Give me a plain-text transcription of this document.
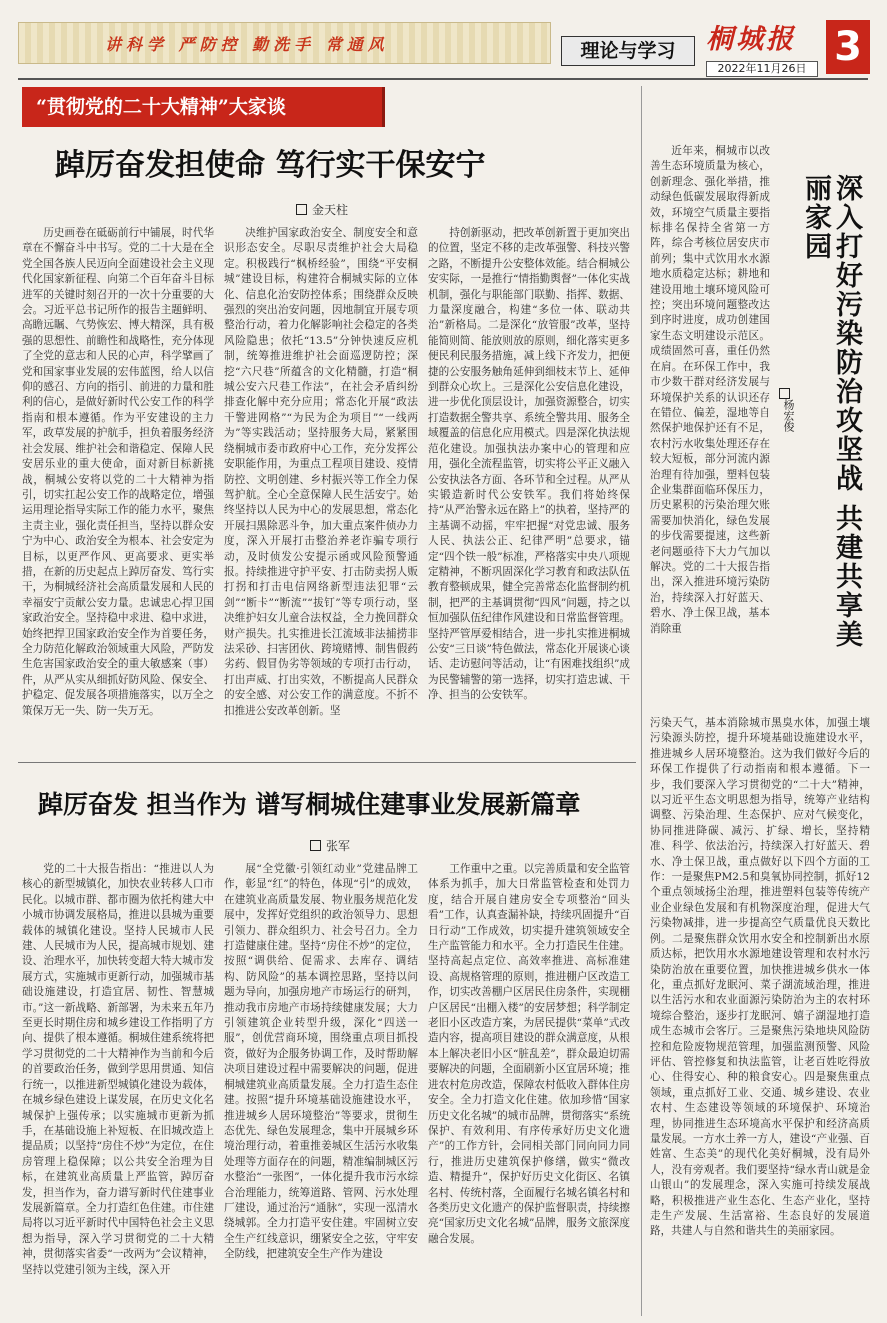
讲科学 严防控 勤洗手 常通风	理论与学习	桐城报
2022年11月26日 3
“贯彻党的二十大精神”大家谈
踔厉奋发担使命 笃行实干保安宁
金天柱

历史画卷在砥砺前行中铺展，时代华章在不懈奋斗中书写。党的二十大是在全党全国各族人民迈向全面建设社会主义现代化国家新征程、向第二个百年奋斗目标进军的关键时刻召开的一次十分重要的大会。习近平总书记所作的报告主题鲜明、高瞻远瞩、气势恢宏、博大精深，具有极强的思想性、前瞻性和战略性，充分体现了全党的意志和人民的心声，科学擘画了党和国家事业发展的宏伟蓝图，给人以信仰的感召、方向的指引、前进的力量和胜利的信心，是做好新时代公安工作的科学指南和根本遵循。作为平安建设的主力军，政草发展的护航手，担负着服务经济社会发展、维护社会和谐稳定、保障人民安居乐业的重大使命，面对新目标新挑战，桐城公安将以党的二十大精神为指引，切实扛起公安工作的战略定位，增强运用理论指导实际工作的能力水平，聚焦主责主业，强化责任担当，坚持以群众安宁为中心、政治安全为根本、社会安定为目标，以更严作风、更高要求、更实举措，在新的历史起点上踔厉奋发、笃行实干，为桐城经济社会高质量发展和人民的幸福安宁贡献公安力量。忠诚忠心捍卫国家政治安全。坚持稳中求进、稳中求进，始终把捍卫国家政治安全作为首要任务，全力防范化解政治领域重大风险，严防发生危害国家政治安全的重大敏感案（事）件，从严从实从细抓好防风险、保安全、护稳定、促发展各项措施落实，以万全之策保万无一失、防一失万无。

决维护国家政治安全、制度安全和意识形态安全。尽职尽责维护社会大局稳定。积极践行“枫桥经验”，围绕“平安桐城”建设目标，构建符合桐城实际的立体化、信息化治安防控体系；围绕群众反映强烈的突出治安问题，因地制宜开展专项整治行动，着力化解影响社会稳定的各类风险隐患；依托“13.5”分钟快速反应机制，统筹推进维护社会面巡逻防控；深挖“六尺巷”所蕴含的文化精髓，打造“桐城公安六尺巷工作法”，在社会矛盾纠纷排查化解中充分应用；常态化开展“政法干警进网格”“为民为企为项目”“一线两为”等实践活动；坚持服务大局，紧紧围绕桐城市委市政府中心工作，充分发挥公安职能作用，为重点工程项目建设、疫情防控、文明创建、乡村振兴等工作全力保驾护航。全心全意保障人民生活安宁。始终坚持以人民为中心的发展思想，常态化开展扫黑除恶斗争，加大重点案件侦办力度，深入开展打击整治养老诈骗专项行动，及时侦发公安提示函或风险预警通报。持续推进守护平安、打击防卖拐人贩打拐和打击电信网络新型违法犯罪“云剑”“断卡”“断流”“拔钉”等专项行动，坚决维护妇女儿童合法权益，全力挽回群众财产损失。扎实推进长江流域非法捕捞非法采砂、扫害团伙、跨境赌博、制售假药劣药、假冒伪劣等领域的专项打击行动，打出声威、打出实效，不断提高人民群众的安全感、对公安工作的满意度。不折不扣推进公安改革创新。坚

持创新驱动，把改革创新置于更加突出的位置，坚定不移的走改革强警、科技兴警之路，不断提升公安整体效能。结合桐城公安实际，一是推行“情指勤舆督”一体化实战机制，强化与职能部门联勤、指挥、数据、力量深度融合，构建“多位一体、联动共治”新格局。二是深化“放管服”改革，坚持能简则简、能放则放的原则，细化落实更多便民利民服务措施，减上线下齐发力，把便捷的公安服务触角延伸到细枝末节上、延伸到群众心坎上。三是深化公安信息化建设，进一步优化顶层设计，加强资源整合，切实打造数据全警共享、系统全警共用、服务全域覆盖的信息化应用模式。四是深化执法规范化建设。加强执法办案中心的管理和应用，强化全流程监管，切实将公平正义融入公安执法各方面、各环节和全过程。从严从实锻造新时代公安铁军。我们将始终保持“从严治警永远在路上”的执着，坚持严的主基调不动摇，牢牢把握“对党忠诚、服务人民、执法公正、纪律严明”总要求，锚定“四个铁一般”标准，严格落实中央八项规定精神，不断巩固深化学习教育和政法队伍教育整顿成果，健全完善常态化监督制约机制，把严的主基调贯彻“四风”问题，持之以恒加强队伍纪律作风建设和日常监督管理。坚持严管厚爱相结合，进一步扎实推进桐城公安“三日谈”特色做法，常态化开展谈心谈话、走访慰问等活动，让“有困难找组织”成为民警辅警的第一选择，切实打造忠诚、干净、担当的公安铁军。

踔厉奋发 担当作为 谱写桐城住建事业发展新篇章
张军

党的二十大报告指出：“推进以人为核心的新型城镇化，加快农业转移人口市民化。以城市群、都市圈为依托构建大中小城市协调发展格局，推进以县城为重要载体的城镇化建设。坚持人民城市人民建、人民城市为人民，提高城市规划、建设、治理水平，加快转变超大特大城市发展方式，实施城市更新行动，加强城市基础设施建设，打造宜居、韧性、智慧城市。”这一新战略、新部署，为未来五年乃至更长时期住房和城乡建设工作指明了方向、提供了根本遵循。桐城住建系统将把学习贯彻党的二十大精神作为当前和今后的首要政治任务，做到学思用贯通、知信行统一，以推进新型城镇化建设为载体，在城乡绿色建设上谋发展，在历史文化名城保护上强传承；以实施城市更新为抓手，在基础设施上补短板、在旧城改造上提品质；以坚持“房住不炒”为定位，在住房管理上稳保障；以公共安全治理为目标，在建筑业高质量上严监管，踔厉奋发，担当作为，奋力谱写新时代住建事业发展新篇章。全力打造红色住建。市住建局将以习近平新时代中国特色社会主义思想为指导，深入学习贯彻党的二十大精神，贯彻落实省委“一改两为”会议精神，坚持以党建引领为主线，深入开

展“全党徽·引领红动业”党建品牌工作，彰显“红”的特色，体现“引”的成效，在建筑业高质量发展、物业服务规范化发展中，发挥好党组织的政治领导力、思想引领力、群众组织力、社会号召力。全力打造健康住建。坚持“房住不炒”的定位，按照“调供给、促需求、去库存、调结构、防风险”的基本调控思路，坚持以问题为导向，加强房地产市场运行的研判，推动我市房地产市场持续健康发展；大力引领建筑企业转型升级，深化“四送一服”，创优营商环境，围绕重点项目抓投资，做好为企服务协调工作，及时帮助解决项目建设过程中需要解决的问题，促进桐城建筑业高质量发展。全力打造生态住建。按照“提升环境基础设施建设水平，推进城乡人居环境整治”等要求，贯彻生态优先、绿色发展理念，集中开展城乡环境治理行动，着重推姜城区生活污水收集处理等方面存在的问题，精准编制城区污水整治“一张图”，一体化提升我市污水综合治理能力，统筹道路、管网、污水处理厂建设，通过治污“通脉”，实现一泓清水绕城郭。全力打造平安住建。牢固树立安全生产红线意识，绷紧安全之弦，守牢安全防线，把建筑安全生产作为建设

工作重中之重。以完善质量和安全监管体系为抓手，加大日常监管检查和处罚力度，结合开展自建房安全专项整治“回头看”工作，认真查漏补缺，持续巩固提升“百日行动”工作成效，切实提升建筑领域安全生产监管能力和水平。全力打造民生住建。坚持高起点定位、高效率推进、高标准建设、高规格管理的原则，推进棚户区改造工作，切实改善棚户区居民住房条件，实现棚户区居民“出棚入楼”的安居梦想；科学制定老旧小区改造方案，为居民提供“菜单”式改造内容，提高项目建设的群众满意度，从根本上解决老旧小区“脏乱差”，群众最迫切需要解决的问题，全面刷新小区宜居环境；推进农村危房改造，保障农村低收入群体住房安全。全力打造文化住建。依加珍惜“国家历史文化名城”的城市品牌，贯彻落实“系统保护、有效利用、有序传承好历史文化遗产”的工作方针，会同相关部门同向同力同行，推进历史建筑保护修缮，做实“微改造、精提升”，保护好历史文化街区、名镇名村、传统村落，全面履行名城名镇名村和各类历史文化遗产的保护监督职责，持续擦亮“国家历史文化名城”品牌，服务文旅深度融合发展。

深入打好污染防治攻坚战 共建共享美丽家园
杨宏俊

近年来，桐城市以改善生态环境质量为核心，创新理念、强化举措，推动绿色低碳发展取得新成效，环境空气质量主要指标排名保持全省第一方阵，综合考核位居安庆市前列；集中式饮用水水源地水质稳定达标；耕地和建设用地土壤环境风险可控；突出环境问题整改达到序时进度，成功创建国家生态文明建设示范区。成绩固然可喜，重任仍然在肩。在环保工作中，我市少数干群对经济发展与环境保护关系的认识还存在错位、偏差，湿地等自然保护地保护还有不足，农村污水收集处理还存在较大短板，部分河流内源治理有待加强，塑料包装企业集群面临环保压力，历史累积的污染治理欠账需要加快消化，绿色发展的步伐需要提速，这些新老问题亟待下大力气加以解决。党的二十大报告指出，深入推进环境污染防治，持续深入打好蓝天、碧水、净土保卫战，基本消除重

污染天气，基本消除城市黑臭水体，加强土壤污染源头防控，提升环境基础设施建设水平，推进城乡人居环境整治。这为我们做好今后的环保工作提供了行动指南和根本遵循。下一步，我们要深入学习贯彻党的“二十大”精神，以习近平生态文明思想为指导，统筹产业结构调整、污染治理、生态保护、应对气候变化，协同推进降碳、减污、扩绿、增长，坚持精准、科学、依法治污，持续深入打好蓝天、碧水、净土保卫战，重点做好以下四个方面的工作：一是聚焦PM2.5和臭氧协同控制，抓好12个重点领域扬尘治理，推进塑料包装等传统产业企业绿色发展和有机物深度治理，促进大气污染物减排，进一步提高空气质量优良天数比例。二是聚焦群众饮用水安全和控制新出水原质达标，把饮用水水源地建设管理和农村水污染防治放在重要位置，加快推进城乡供水一体化，重点抓好龙眠河、菜子湖流域治理，推进以生活污水和农业面源污染防治为主的农村环境综合整治，逐步打龙眠河、嬉子湖湿地打造成生态城市会客厅。三是聚焦污染地块风险防控和危险废物规范管理，加强监测预警、风险评估、管控修复和执法监管，让老百姓吃得放心、住得安心、种的粮食安心。四是聚焦重点领域，重点抓好工业、交通、城乡建设、农业农村、生态建设等领域的环境保护、环境治理，协同推进生态环境高水平保护和经济高质量发展。一方水土养一方人，建设“产业强、百姓富、生态美”的现代化美好桐城，没有局外人，没有旁观者。我们要坚持“绿水青山就是金山银山”的发展理念，深入实施可持续发展战略，积极推进产业生态化、生态产业化，坚持走生产发展、生活富裕、生态良好的发展道路，共建人与自然和谐共生的美丽家园。
